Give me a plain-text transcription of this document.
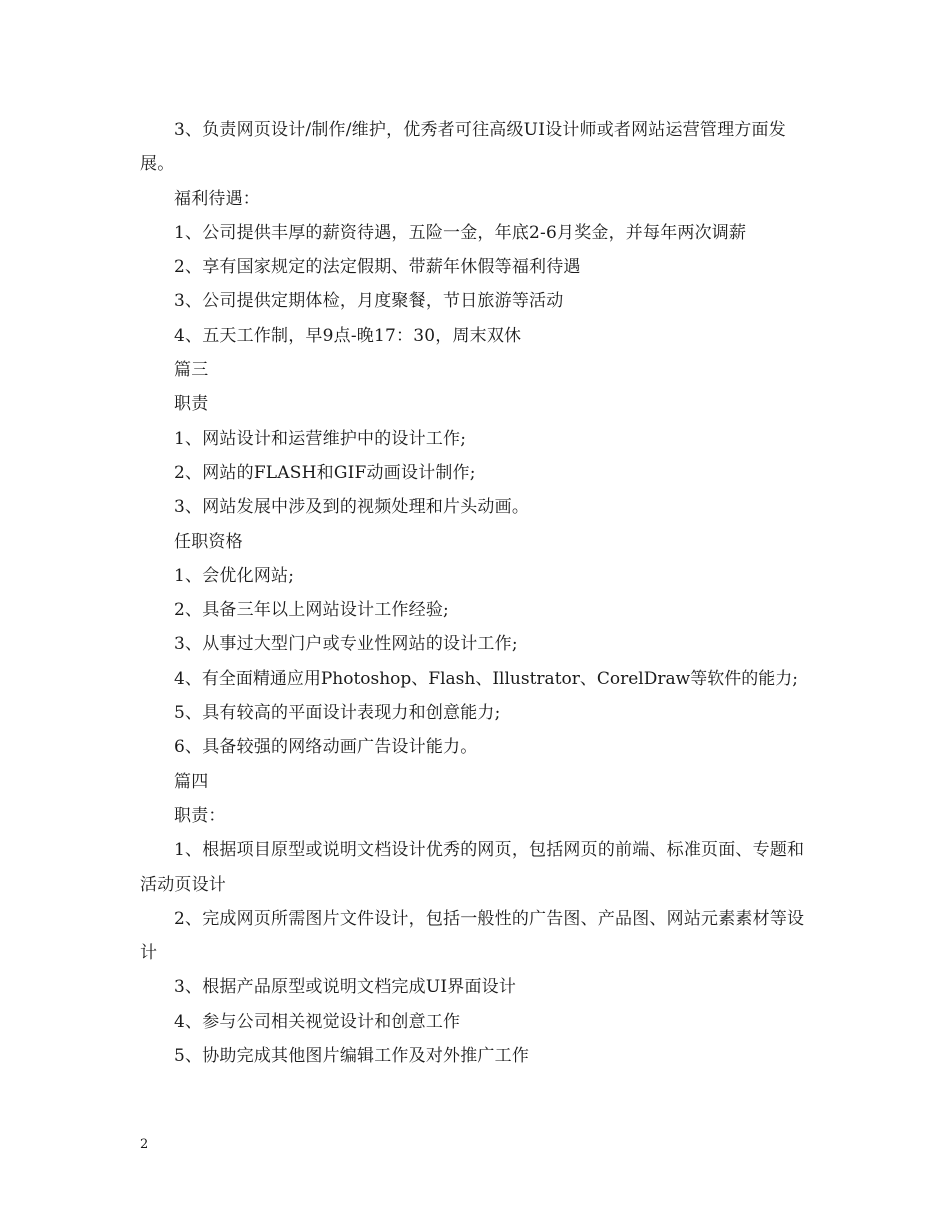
3、负责网页设计/制作/维护，优秀者可往高级UI设计师或者网站运营管理方面发展。

福利待遇：

1、公司提供丰厚的薪资待遇，五险一金，年底2-6月奖金，并每年两次调薪

2、享有国家规定的法定假期、带薪年休假等福利待遇

3、公司提供定期体检，月度聚餐，节日旅游等活动

4、五天工作制，早9点-晚17：30，周末双休

篇三

职责

1、网站设计和运营维护中的设计工作;

2、网站的FLASH和GIF动画设计制作;

3、网站发展中涉及到的视频处理和片头动画。

任职资格

1、会优化网站;

2、具备三年以上网站设计工作经验;

3、从事过大型门户或专业性网站的设计工作;

4、有全面精通应用Photoshop、Flash、Illustrator、CorelDraw等软件的能力;

5、具有较高的平面设计表现力和创意能力;

6、具备较强的网络动画广告设计能力。

篇四

职责：

1、根据项目原型或说明文档设计优秀的网页，包括网页的前端、标准页面、专题和活动页设计

2、完成网页所需图片文件设计，包括一般性的广告图、产品图、网站元素素材等设计

3、根据产品原型或说明文档完成UI界面设计

4、参与公司相关视觉设计和创意工作

5、协助完成其他图片编辑工作及对外推广工作

2
